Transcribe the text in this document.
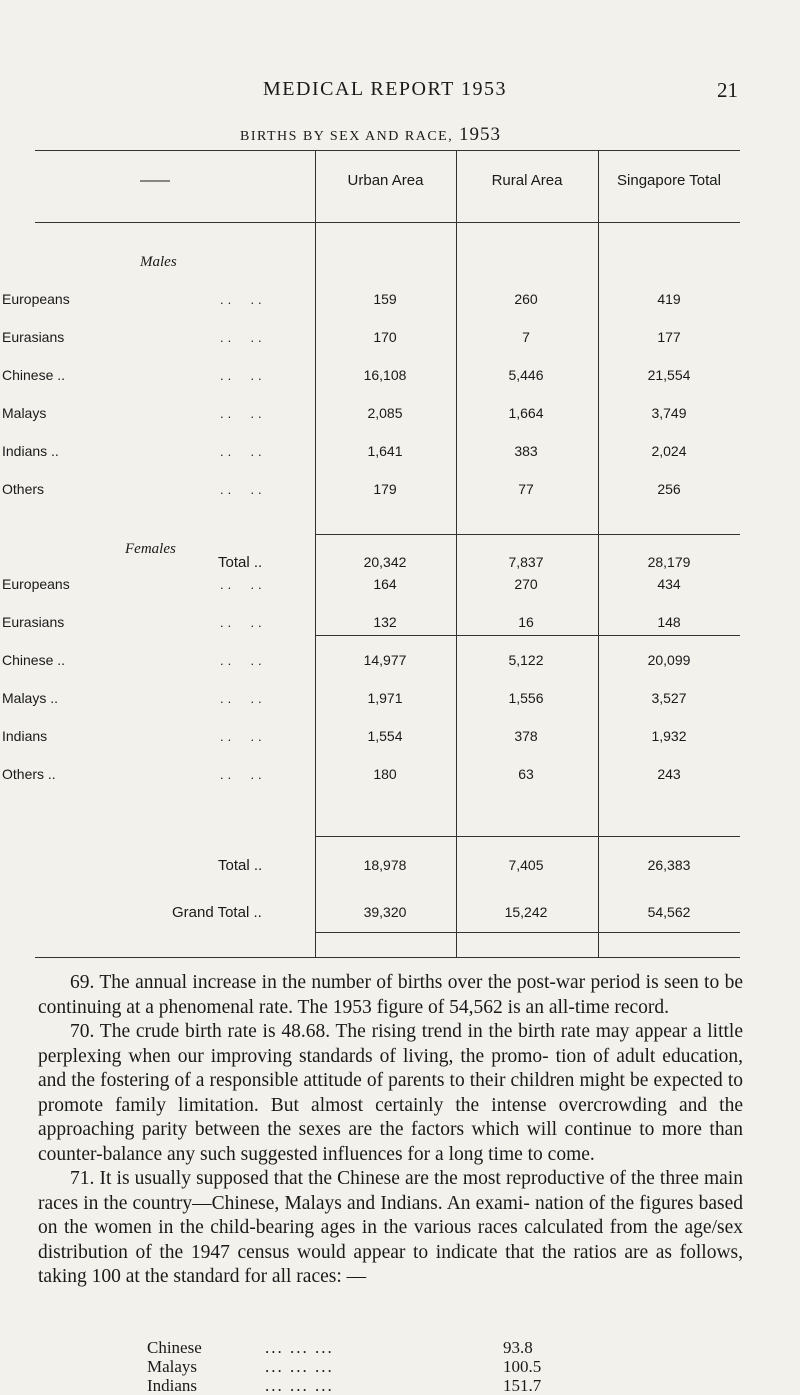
MEDICAL REPORT 1953	21
BIRTHS BY SEX AND RACE, 1953
——	Urban Area	Rural Area	Singapore Total
Males
Europeans	..  ..	159	260	419
Eurasians	..  ..	170	7	177
Chinese ..	..  ..	16,108	5,446	21,554
Malays	..  ..	2,085	1,664	3,749
Indians ..	..  ..	1,641	383	2,024
Others	..  ..	179	77	256
Total ..	20,342	7,837	28,179
Females
Europeans	..  ..	164	270	434
Eurasians	..  ..	132	16	148
Chinese ..	..  ..	14,977	5,122	20,099
Malays ..	..  ..	1,971	1,556	3,527
Indians	..  ..	1,554	378	1,932
Others ..	..  ..	180	63	243
Total ..	18,978	7,405	26,383
Grand Total ..	39,320	15,242	54,562

69. The annual increase in the number of births over the post-war period is seen to be continuing at a phenomenal rate. The 1953 figure of 54,562 is an all-time record.

70. The crude birth rate is 48.68. The rising trend in the birth rate may appear a little perplexing when our improving standards of living, the promo- tion of adult education, and the fostering of a responsible attitude of parents to their children might be expected to promote family limitation. But almost certainly the intense overcrowding and the approaching parity between the sexes are the factors which will continue to more than counter-balance any such suggested influences for a long time to come.

71. It is usually supposed that the Chinese are the most reproductive of the three main races in the country—Chinese, Malays and Indians. An exami- nation of the figures based on the women in the child-bearing ages in the various races calculated from the age/sex distribution of the 1947 census would appear to indicate that the ratios are as follows, taking 100 at the standard for all races: —

Chinese	... ... ...	93.8
Malays	... ... ...	100.5
Indians	... ... ...	151.7
